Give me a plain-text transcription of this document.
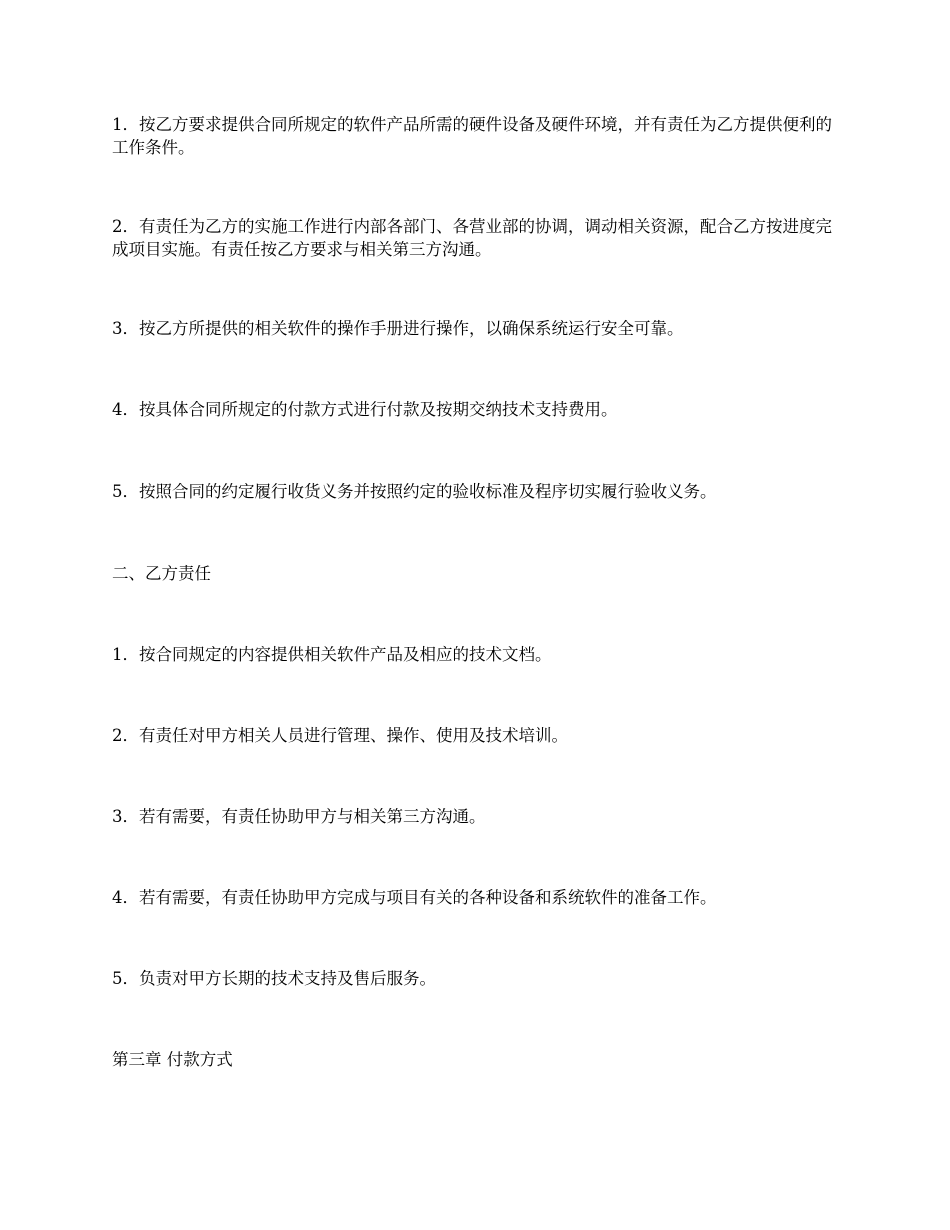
1．按乙方要求提供合同所规定的软件产品所需的硬件设备及硬件环境，并有责任为乙方提供便利的工作条件。

2．有责任为乙方的实施工作进行内部各部门、各营业部的协调，调动相关资源，配合乙方按进度完成项目实施。有责任按乙方要求与相关第三方沟通。

3．按乙方所提供的相关软件的操作手册进行操作，以确保系统运行安全可靠。

4．按具体合同所规定的付款方式进行付款及按期交纳技术支持费用。

5．按照合同的约定履行收货义务并按照约定的验收标准及程序切实履行验收义务。

二、乙方责任

1．按合同规定的内容提供相关软件产品及相应的技术文档。

2．有责任对甲方相关人员进行管理、操作、使用及技术培训。

3．若有需要，有责任协助甲方与相关第三方沟通。

4．若有需要，有责任协助甲方完成与项目有关的各种设备和系统软件的准备工作。

5．负责对甲方长期的技术支持及售后服务。

第三章 付款方式
